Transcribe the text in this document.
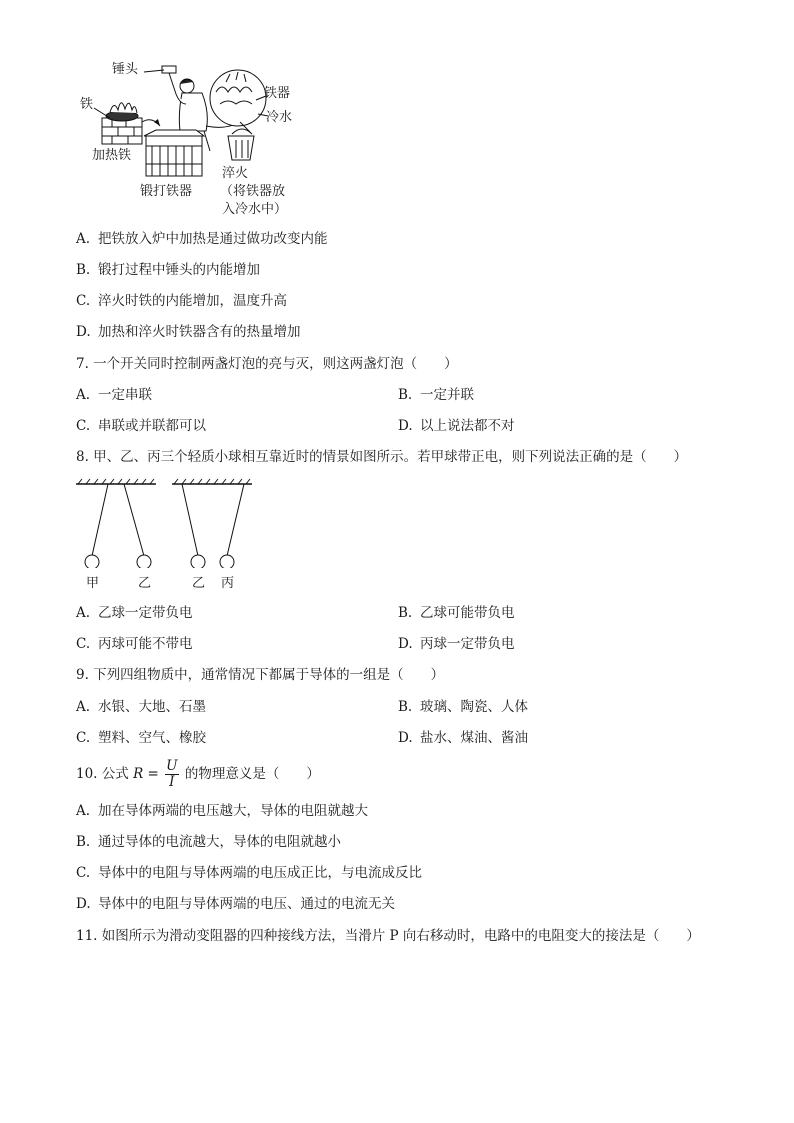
锤头
铁
加热铁
锻打铁器
铁器
冷水
淬火
（将铁器放
入冷水中）
A. 把铁放入炉中加热是通过做功改变内能
B. 锻打过程中锤头的内能增加
C. 淬火时铁的内能增加，温度升高
D. 加热和淬火时铁器含有的热量增加
7. 一个开关同时控制两盏灯泡的亮与灭，则这两盏灯泡（　　）
A. 一定串联	B. 一定并联
C. 串联或并联都可以	D. 以上说法都不对
8. 甲、乙、丙三个轻质小球相互靠近时的情景如图所示。若甲球带正电，则下列说法正确的是（　　）
甲	乙	乙 丙
A. 乙球一定带负电	B. 乙球可能带负电
C. 丙球可能不带电	D. 丙球一定带负电
9. 下列四组物质中，通常情况下都属于导体的一组是（　　）
A. 水银、大地、石墨	B. 玻璃、陶瓷、人体
C. 塑料、空气、橡胶	D. 盐水、煤油、酱油
10. 公式 $R = \frac{U}{I}$ 的物理意义是（　　）
A. 加在导体两端的电压越大，导体的电阻就越大
B. 通过导体的电流越大，导体的电阻就越小
C. 导体中的电阻与导体两端的电压成正比，与电流成反比
D. 导体中的电阻与导体两端的电压、通过的电流无关
11. 如图所示为滑动变阻器的四种接线方法，当滑片 P 向右移动时，电路中的电阻变大的接法是（　　）
